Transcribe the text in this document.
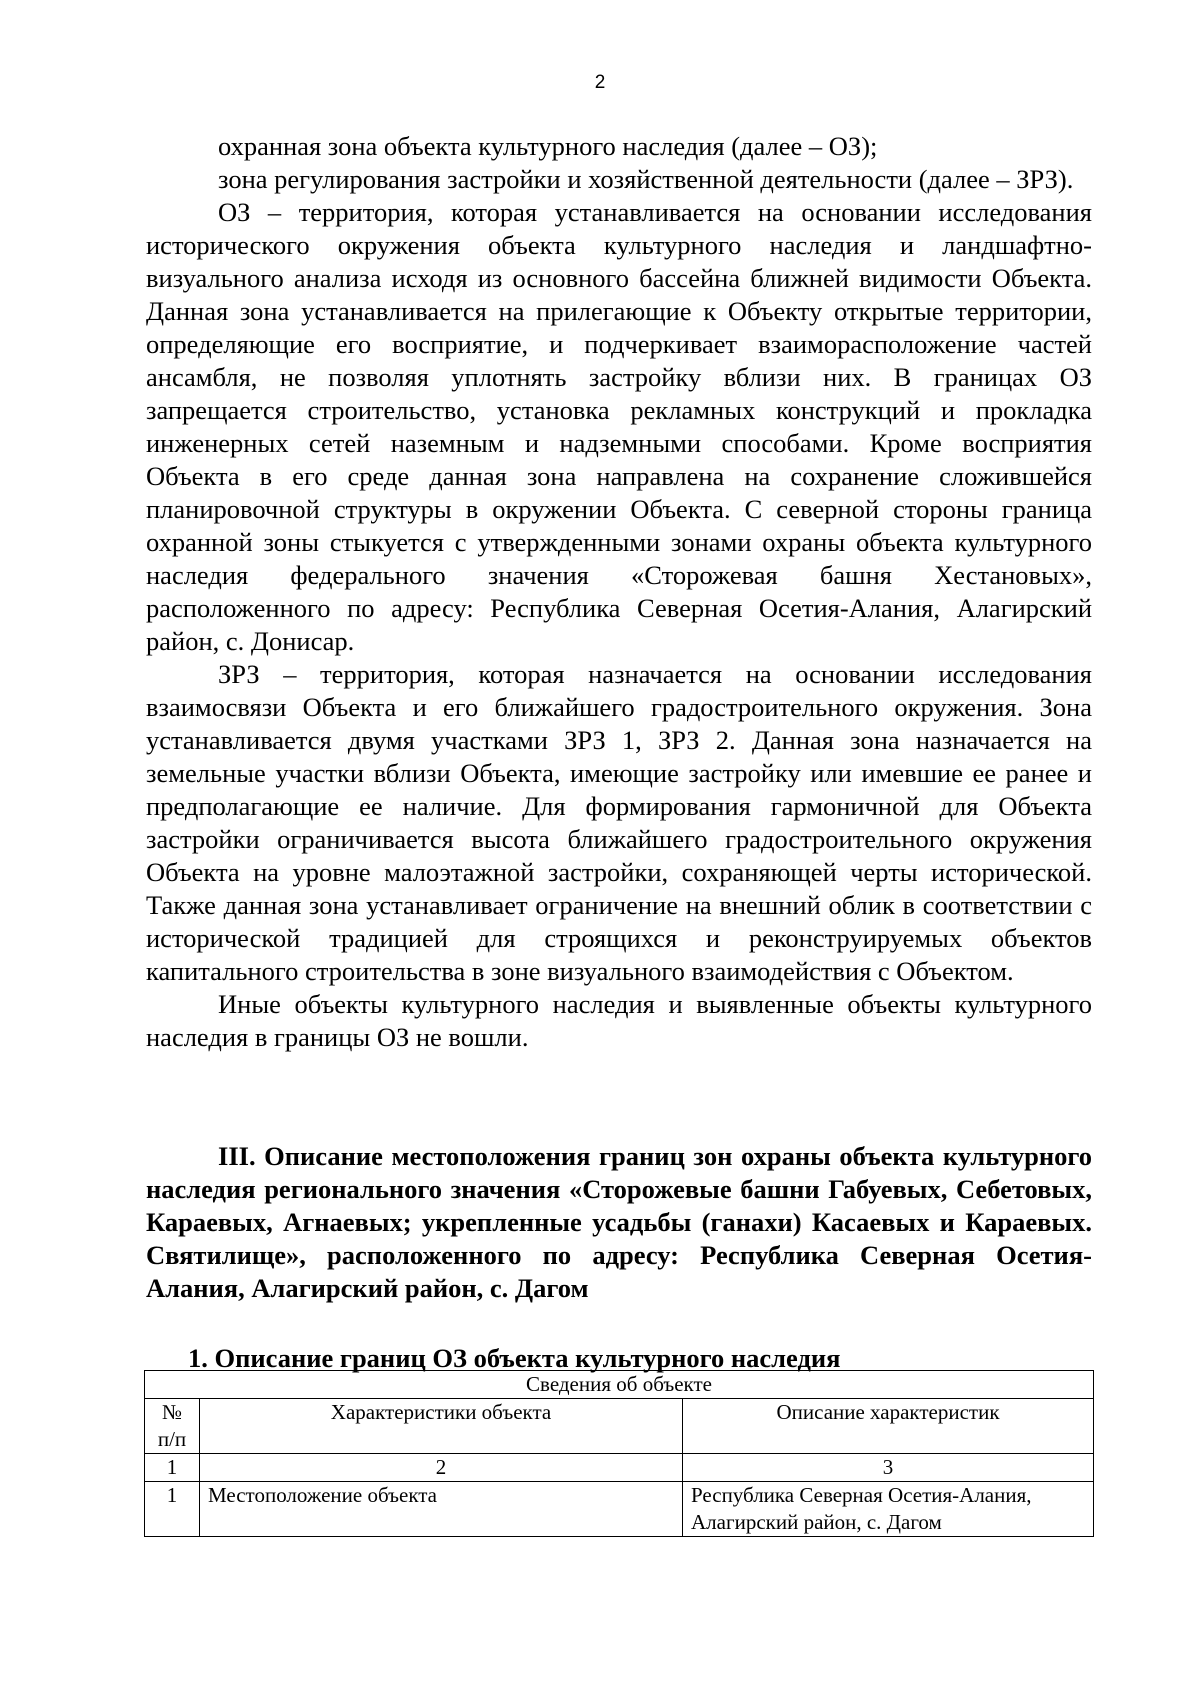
2

охранная зона объекта культурного наследия (далее – ОЗ);

зона регулирования застройки и хозяйственной деятельности (далее – ЗРЗ).

ОЗ – территория, которая устанавливается на основании исследования исторического окружения объекта культурного наследия и ландшафтно-визуального анализа исходя из основного бассейна ближней видимости Объекта. Данная зона устанавливается на прилегающие к Объекту открытые территории, определяющие его восприятие, и подчеркивает взаиморасположение частей ансамбля, не позволяя уплотнять застройку вблизи них. В границах ОЗ запрещается строительство, установка рекламных конструкций и прокладка инженерных сетей наземным и надземными способами. Кроме восприятия Объекта в его среде данная зона направлена на сохранение сложившейся планировочной структуры в окружении Объекта. С северной стороны граница охранной зоны стыкуется с утвержденными зонами охраны объекта культурного наследия федерального значения «Сторожевая башня Хестановых», расположенного по адресу: Республика Северная Осетия-Алания, Алагирский район, с. Донисар.

ЗРЗ – территория, которая назначается на основании исследования взаимосвязи Объекта и его ближайшего градостроительного окружения. Зона устанавливается двумя участками ЗРЗ 1, ЗРЗ 2. Данная зона назначается на земельные участки вблизи Объекта, имеющие застройку или имевшие ее ранее и предполагающие ее наличие. Для формирования гармоничной для Объекта застройки ограничивается высота ближайшего градостроительного окружения Объекта на уровне малоэтажной застройки, сохраняющей черты исторической. Также данная зона устанавливает ограничение на внешний облик в соответствии с исторической традицией для строящихся и реконструируемых объектов капитального строительства в зоне визуального взаимодействия с Объектом.

Иные объекты культурного наследия и выявленные объекты культурного наследия в границы ОЗ не вошли.

III. Описание местоположения границ зон охраны объекта культурного наследия регионального значения «Сторожевые башни Габуевых, Себетовых, Караевых, Агнаевых; укрепленные усадьбы (ганахи) Касаевых и Караевых. Святилище», расположенного по адресу: Республика Северная Осетия-Алания, Алагирский район, с. Дагом

1. Описание границ ОЗ объекта культурного наследия

Сведения об объекте		
№ п/п	Характеристики объекта	Описание характеристик
1	2	3
1	Местоположение объекта	Республика Северная Осетия-Алания, Алагирский район, с. Дагом
